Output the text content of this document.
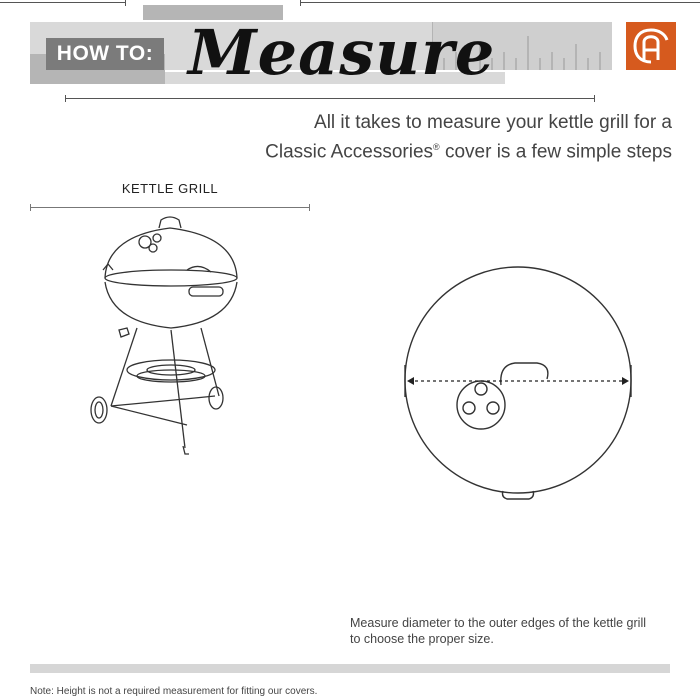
HOW TO: Measure
All it takes to measure your kettle grill for a
Classic Accessories® cover is a few simple steps
KETTLE GRILL
Measure diameter to the outer edges of the kettle grill
to choose the proper size.
Note: Height is not a required measurement for fitting our covers.
